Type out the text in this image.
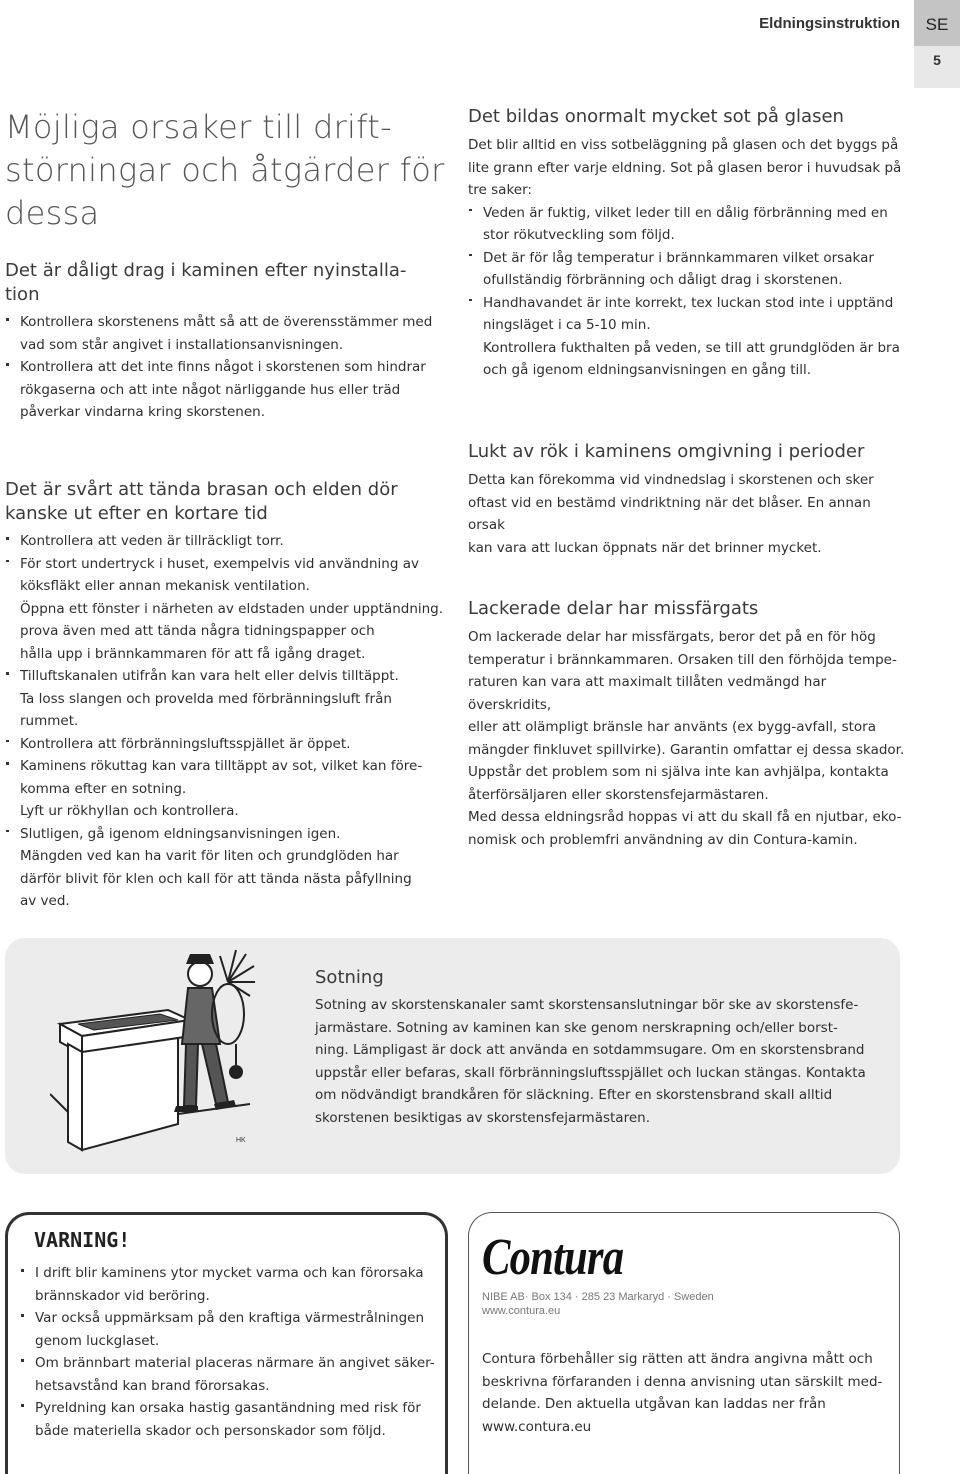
Eldningsinstruktion	SE
5
Möjliga orsaker till drift-
störningar och åtgärder för
dessa
Det är dåligt drag i kaminen efter nyinstalla-
tion
Kontrollera skorstenens mått så att de överensstämmer med
vad som står angivet i installationsanvisningen.
Kontrollera att det inte finns något i skorstenen som hindrar
rökgaserna och att inte något närliggande hus eller träd
påverkar vindarna kring skorstenen.
Det är svårt att tända brasan och elden dör
kanske ut efter en kortare tid
Kontrollera att veden är tillräckligt torr.
För stort undertryck i huset, exempelvis vid användning av
köksfläkt eller annan mekanisk ventilation.
Öppna ett fönster i närheten av eldstaden under upptändning.
prova även med att tända några tidningspapper och
hålla upp i brännkammaren för att få igång draget.
Tilluftskanalen utifrån kan vara helt eller delvis tilltäppt.
Ta loss slangen och provelda med förbränningsluft från
rummet.
Kontrollera att förbränningsluftsspjället är öppet.
Kaminens rökuttag kan vara tilltäppt av sot, vilket kan före-
komma efter en sotning.
Lyft ur rökhyllan och kontrollera.
Slutligen, gå igenom eldningsanvisningen igen.
Mängden ved kan ha varit för liten och grundglöden har
därför blivit för klen och kall för att tända nästa påfyllning
av ved.
Det bildas onormalt mycket sot på glasen
Det blir alltid en viss sotbeläggning på glasen och det byggs på
lite grann efter varje eldning. Sot på glasen beror i huvudsak på
tre saker:
Veden är fuktig, vilket leder till en dålig förbränning med en
stor rökutveckling som följd.
Det är för låg temperatur i brännkammaren vilket orsakar
ofullständig förbränning och dåligt drag i skorstenen.
Handhavandet är inte korrekt, tex luckan stod inte i upptänd
ningsläget i ca 5-10 min.
Kontrollera fukthalten på veden, se till att grundglöden är bra
och gå igenom eldningsanvisningen en gång till.
Lukt av rök i kaminens omgivning i perioder
Detta kan förekomma vid vindnedslag i skorstenen och sker
oftast vid en bestämd vindriktning när det blåser. En annan orsak
kan vara att luckan öppnats när det brinner mycket.
Lackerade delar har missfärgats
Om lackerade delar har missfärgats, beror det på en för hög
temperatur i brännkammaren. Orsaken till den förhöjda tempe-
raturen kan vara att maximalt tillåten vedmängd har överskridits,
eller att olämpligt bränsle har använts (ex bygg-avfall, stora
mängder finkluvet spillvirke). Garantin omfattar ej dessa skador.
Uppstår det problem som ni själva inte kan avhjälpa, kontakta
återförsäljaren eller skorstensfejarmästaren.
Med dessa eldningsråd hoppas vi att du skall få en njutbar, eko-
nomisk och problemfri användning av din Contura-kamin.
HK
Sotning
Sotning av skorstenskanaler samt skorstensanslutningar bör ske av skorstensfe-
jarmästare. Sotning av kaminen kan ske genom nerskrapning och/eller borst-
ning. Lämpligast är dock att använda en sotdammsugare. Om en skorstensbrand
uppstår eller befaras, skall förbränningsluftsspjället och luckan stängas. Kontakta
om nödvändigt brandkåren för släckning. Efter en skorstensbrand skall alltid
skorstenen besiktigas av skorstensfejarmästaren.
VARNING!
I drift blir kaminens ytor mycket varma och kan förorsaka
brännskador vid beröring.
Var också uppmärksam på den kraftiga värmestrålningen
genom luckglaset.
Om brännbart material placeras närmare än angivet säker-
hetsavstånd kan brand förorsakas.
Pyreldning kan orsaka hastig gasantändning med risk för
både materiella skador och personskador som följd.
Contura
NIBE AB· Box 134 · 285 23 Markaryd · Sweden
www.contura.eu
Contura förbehåller sig rätten att ändra angivna mått och
beskrivna förfaranden i denna anvisning utan särskilt med-
delande. Den aktuella utgåvan kan laddas ner från
www.contura.eu
